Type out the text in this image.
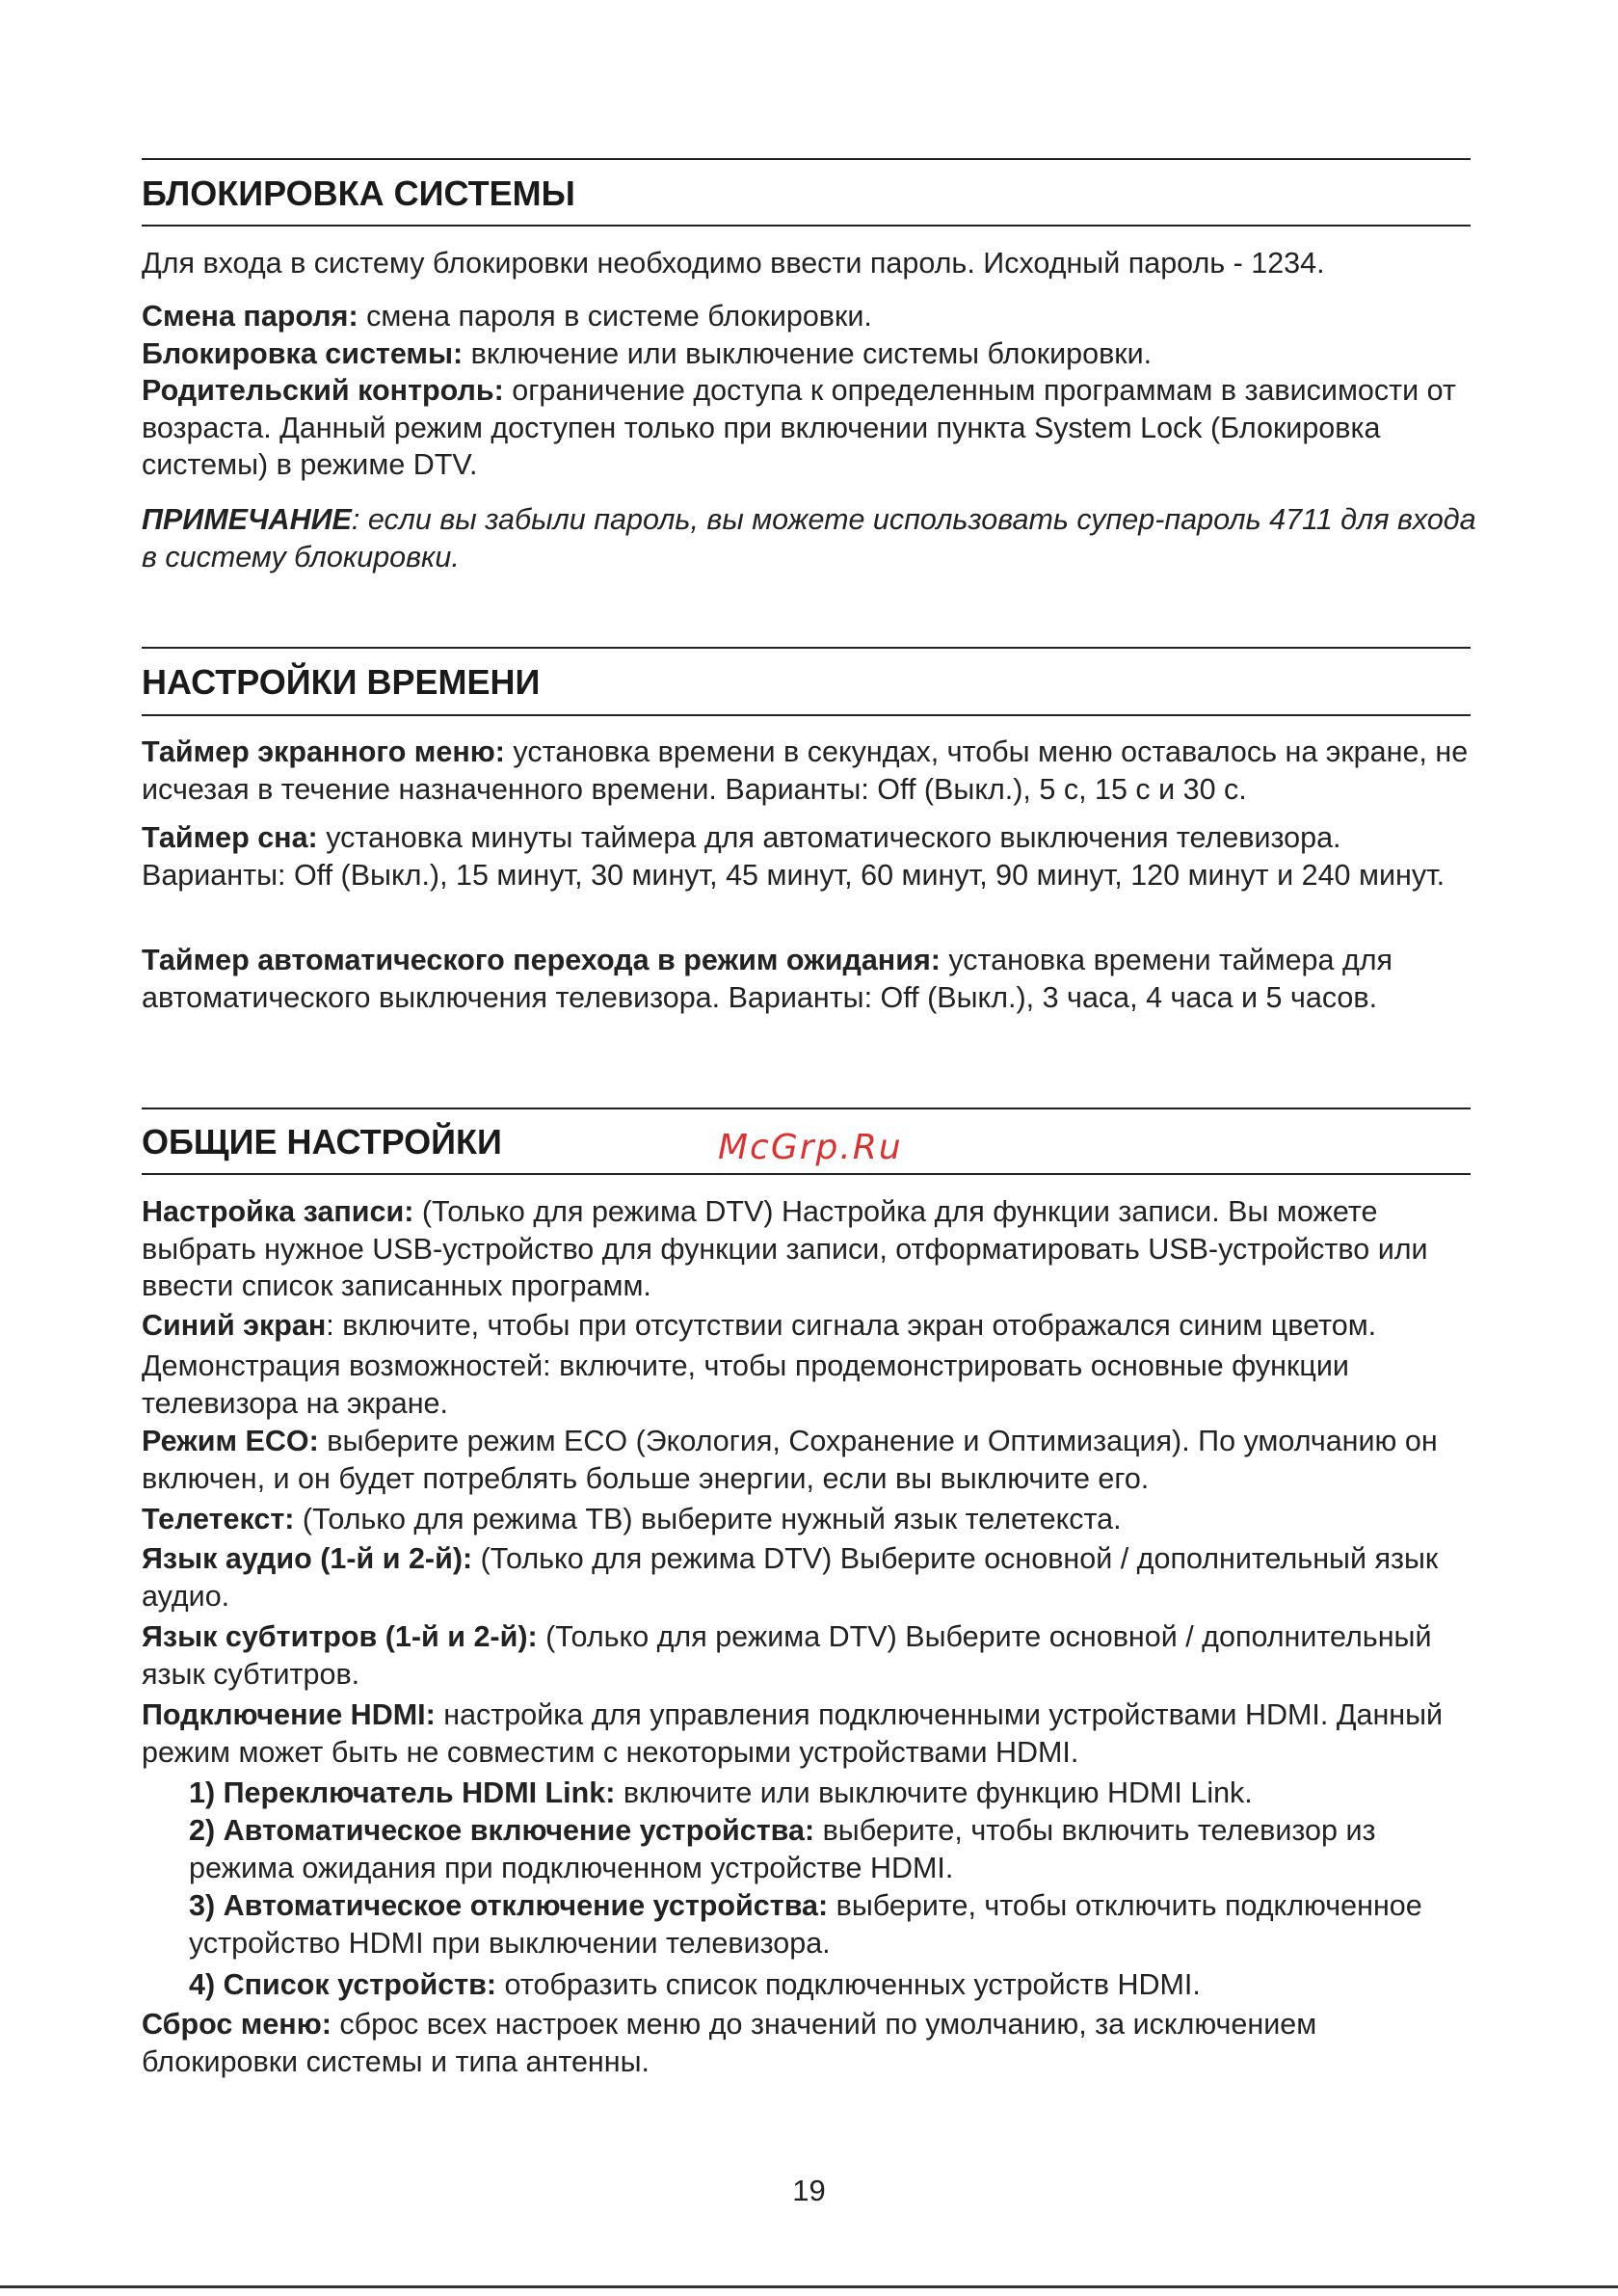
БЛОКИРОВКА СИСТЕМЫ

Для входа в систему блокировки необходимо ввести пароль. Исходный пароль - 1234.

Смена пароля: смена пароля в системе блокировки.
Блокировка системы: включение или выключение системы блокировки.
Родительский контроль: ограничение доступа к определенным программам в зависимости от возраста. Данный режим доступен только при включении пункта System Lock (Блокировка системы) в режиме DTV.

ПРИМЕЧАНИЕ: если вы забыли пароль, вы можете использовать супер-пароль 4711 для входа в систему блокировки.

НАСТРОЙКИ ВРЕМЕНИ

Таймер экранного меню: установка времени в секундах, чтобы меню оставалось на экране, не исчезая в течение назначенного времени. Варианты: Off (Выкл.), 5 с, 15 с и 30 с.

Таймер сна: установка минуты таймера для автоматического выключения телевизора. Варианты: Off (Выкл.), 15 минут, 30 минут, 45 минут, 60 минут, 90 минут, 120 минут и 240 минут.

Таймер автоматического перехода в режим ожидания: установка времени таймера для автоматического выключения телевизора. Варианты: Off (Выкл.), 3 часа, 4 часа и 5 часов.

ОБЩИЕ НАСТРОЙКИ	McGrp.Ru

Настройка записи: (Только для режима DTV) Настройка для функции записи. Вы можете выбрать нужное USB-устройство для функции записи, отформатировать USB-устройство или ввести список записанных программ.

Синий экран: включите, чтобы при отсутствии сигнала экран отображался синим цветом.

Демонстрация возможностей: включите, чтобы продемонстрировать основные функции телевизора на экране.

Режим ECO: выберите режим ECO (Экология, Сохранение и Оптимизация). По умолчанию он включен, и он будет потреблять больше энергии, если вы выключите его.

Телетекст: (Только для режима ТВ) выберите нужный язык телетекста.

Язык аудио (1-й и 2-й): (Только для режима DTV) Выберите основной / дополнительный язык аудио.

Язык субтитров (1-й и 2-й): (Только для режима DTV) Выберите основной / дополнительный язык субтитров.

Подключение HDMI: настройка для управления подключенными устройствами HDMI. Данный режим может быть не совместим с некоторыми устройствами HDMI.

1) Переключатель HDMI Link: включите или выключите функцию HDMI Link.

2) Автоматическое включение устройства: выберите, чтобы включить телевизор из режима ожидания при подключенном устройстве HDMI.

3) Автоматическое отключение устройства: выберите, чтобы отключить подключенное устройство HDMI при выключении телевизора.

4) Список устройств: отобразить список подключенных устройств HDMI.

Сброс меню: сброс всех настроек меню до значений по умолчанию, за исключением блокировки системы и типа антенны.

19
